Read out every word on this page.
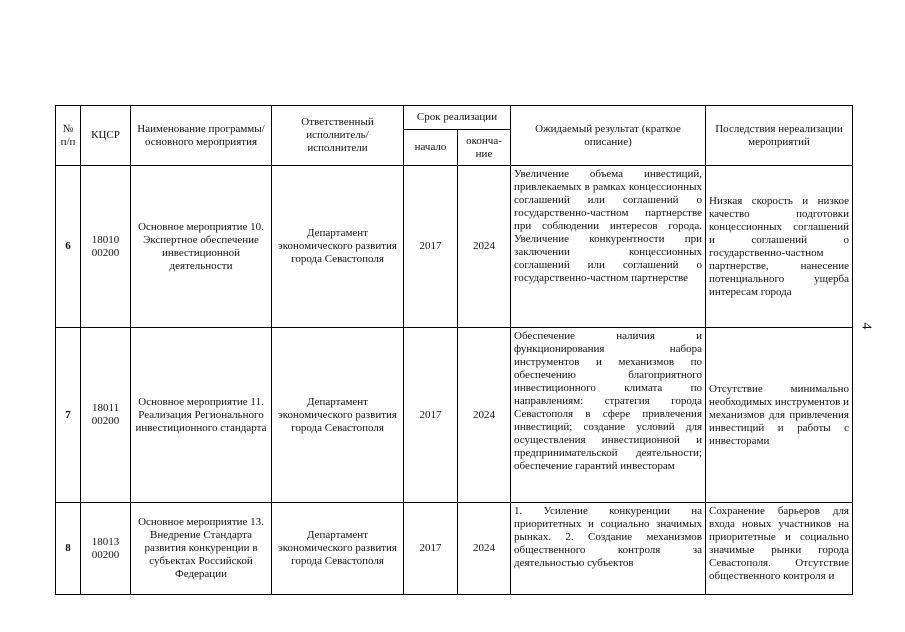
4
№ п/п	КЦСР	Наименование программы/основного мероприятия	Ответственный исполнитель/ исполнители	Срок реализации		Ожидаемый результат (краткое описание)	Последствия нереализации мероприятий
				начало	оконча-ние		
6	18010 00200	Основное мероприятие 10. Экспертное обеспечение инвестиционной деятельности	Департамент экономического развития города Севастополя	2017	2024	Увеличение объема инвестиций, привлекаемых в рамках концессионных соглашений или соглашений о государственно-частном партнерстве при соблюдении интересов города. Увеличение конкурентности при заключении концессионных соглашений или соглашений о государственно-частном партнерстве	Низкая скорость и низкое качество подготовки концессионных соглашений и соглашений о государственно-частном партнерстве, нанесение потенциального ущерба интересам города
7	18011 00200	Основное мероприятие 11. Реализация Регионального инвестиционного стандарта	Департамент экономического развития города Севастополя	2017	2024	Обеспечение наличия и функционирования набора инструментов и механизмов по обеспечению благоприятного инвестиционного климата по направлениям: стратегия города Севастополя в сфере привлечения инвестиций; создание условий для осуществления инвестиционной и предпринимательской деятельности; обеспечение гарантий инвесторам	Отсутствие минимально необходимых инструментов и механизмов для привлечения инвестиций и работы с инвесторами
8	18013 00200	Основное мероприятие 13. Внедрение Стандарта развития конкуренции в субъектах Российской Федерации	Департамент экономического развития города Севастополя	2017	2024	1. Усиление конкуренции на приоритетных и социально значимых рынках. 2. Создание механизмов общественного контроля за деятельностью субъектов	Сохранение барьеров для входа новых участников на приоритетные и социально значимые рынки города Севастополя. Отсутствие общественного контроля и
